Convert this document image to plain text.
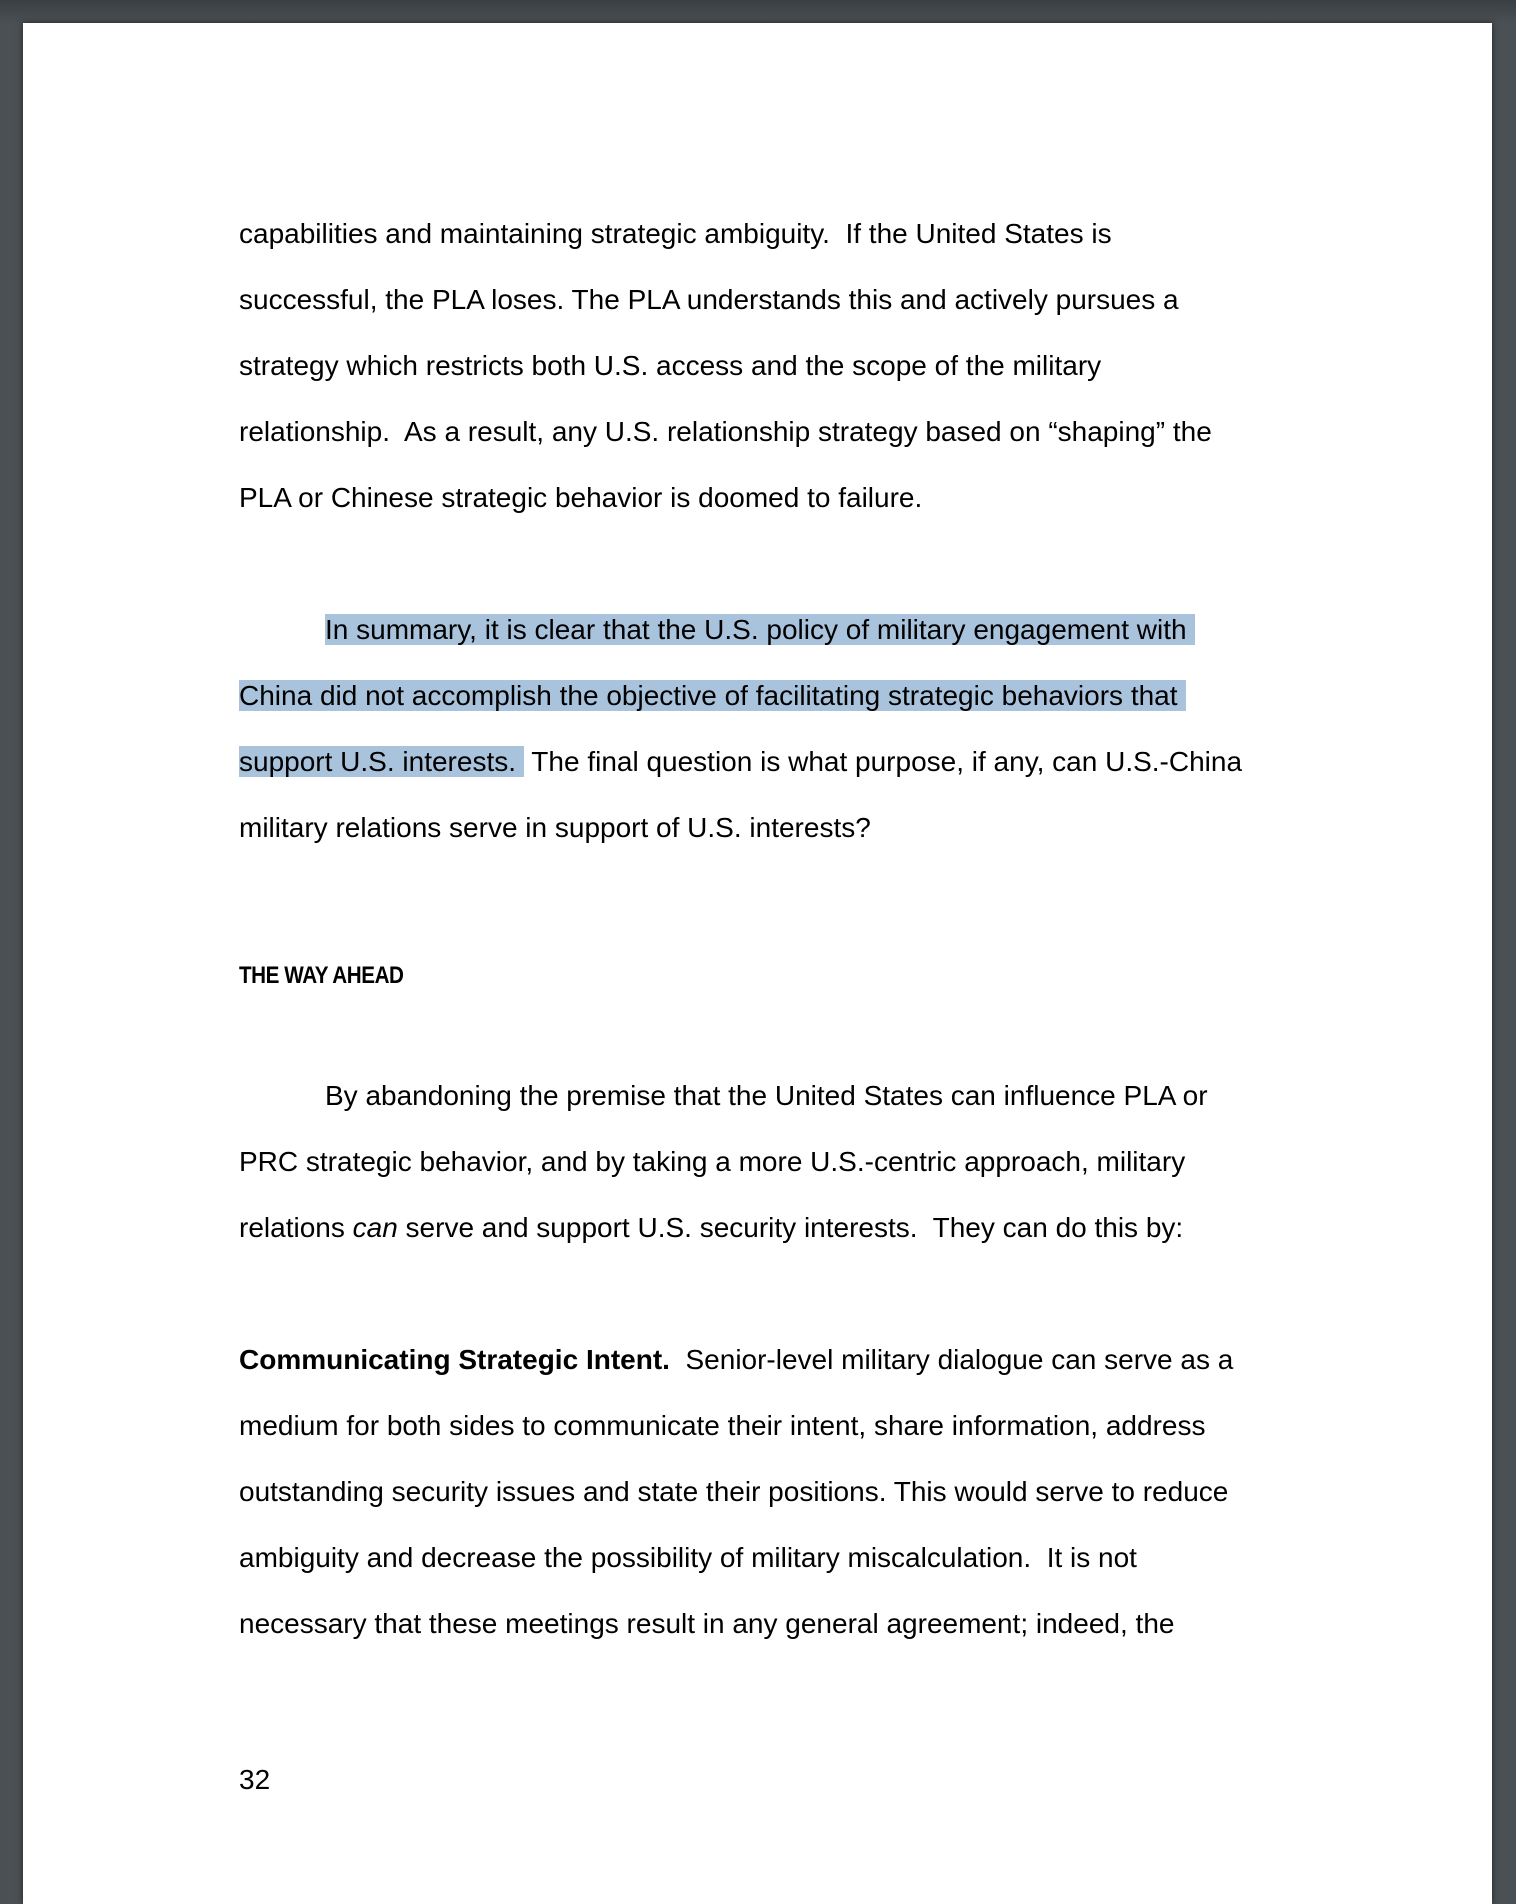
capabilities and maintaining strategic ambiguity.  If the United States is

successful, the PLA loses. The PLA understands this and actively pursues a

strategy which restricts both U.S. access and the scope of the military

relationship.  As a result, any U.S. relationship strategy based on “shaping” the

PLA or Chinese strategic behavior is doomed to failure.

In summary, it is clear that the U.S. policy of military engagement with

China did not accomplish the objective of facilitating strategic behaviors that

support U.S. interests. The final question is what purpose, if any, can U.S.-China

military relations serve in support of U.S. interests?

THE WAY AHEAD

By abandoning the premise that the United States can influence PLA or

PRC strategic behavior, and by taking a more U.S.-centric approach, military

relations can serve and support U.S. security interests.  They can do this by:

Communicating Strategic Intent.  Senior-level military dialogue can serve as a

medium for both sides to communicate their intent, share information, address

outstanding security issues and state their positions. This would serve to reduce

ambiguity and decrease the possibility of military miscalculation.  It is not

necessary that these meetings result in any general agreement; indeed, the

32
